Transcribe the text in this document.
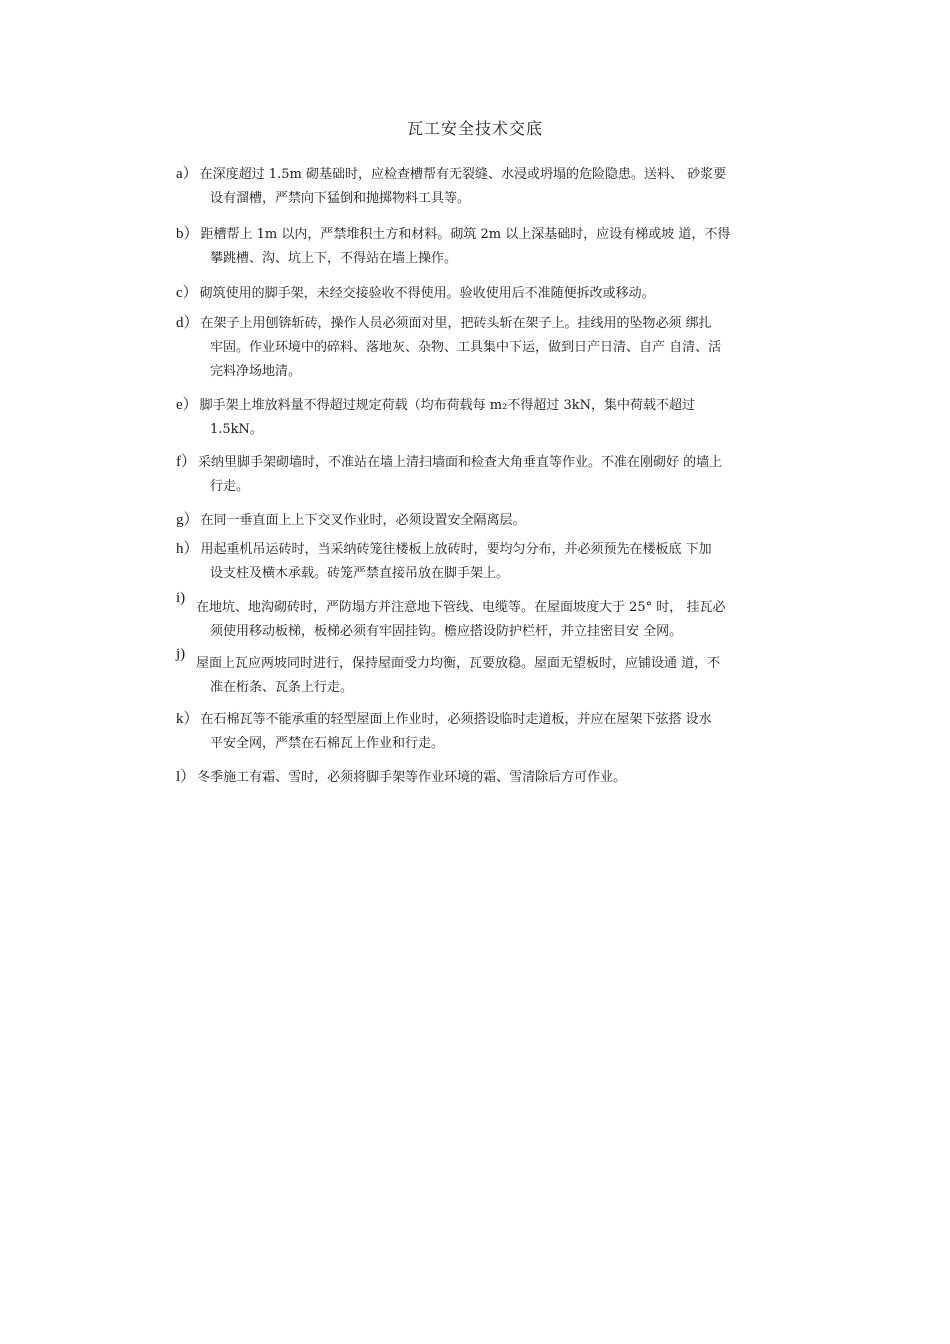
瓦工安全技术交底
a） 在深度超过 1.5m 砌基础时，应检查槽帮有无裂缝、水浸或坍塌的危险隐患。送料、 砂浆要
设有溜槽，严禁向下猛倒和抛掷物料工具等。
b） 距槽帮上 1m 以内，严禁堆积土方和材料。砌筑 2m 以上深基础时，应设有梯或坡 道，不得
攀跳槽、沟、坑上下，不得站在墙上操作。
c） 砌筑使用的脚手架，未经交接验收不得使用。验收使用后不准随便拆改或移动。
d） 在架子上用刨锛斩砖，操作人员必须面对里，把砖头斩在架子上。挂线用的坠物必须 绑扎
牢固。作业环境中的碎料、落地灰、杂物、工具集中下运，做到日产日清、自产 自清、活
完料净场地清。
e） 脚手架上堆放料量不得超过规定荷载（均布荷载每 m₂不得超过 3kN，集中荷载不超过
1.5kN。
f） 采纳里脚手架砌墙时，不准站在墙上清扫墙面和检查大角垂直等作业。不准在刚砌好 的墙上
行走。
g） 在同一垂直面上上下交叉作业时，必须设置安全隔离层。
h） 用起重机吊运砖时，当采纳砖笼往楼板上放砖时，要均匀分布，并必须预先在楼板底 下加
设支柱及横木承载。砖笼严禁直接吊放在脚手架上。
i)
在地坑、地沟砌砖时，严防塌方并注意地下管线、电缆等。在屋面坡度大于 25° 时， 挂瓦必
须使用移动板梯，板梯必须有牢固挂钩。檐应搭设防护栏杆，并立挂密目安 全网。
j)
屋面上瓦应两坡同时进行，保持屋面受力均衡，瓦要放稳。屋面无望板时，应铺设通 道，不
准在桁条、瓦条上行走。
k） 在石棉瓦等不能承重的轻型屋面上作业时，必须搭设临时走道板，并应在屋架下弦搭 设水
平安全网，严禁在石棉瓦上作业和行走。
l） 冬季施工有霜、雪时，必须将脚手架等作业环境的霜、雪清除后方可作业。
